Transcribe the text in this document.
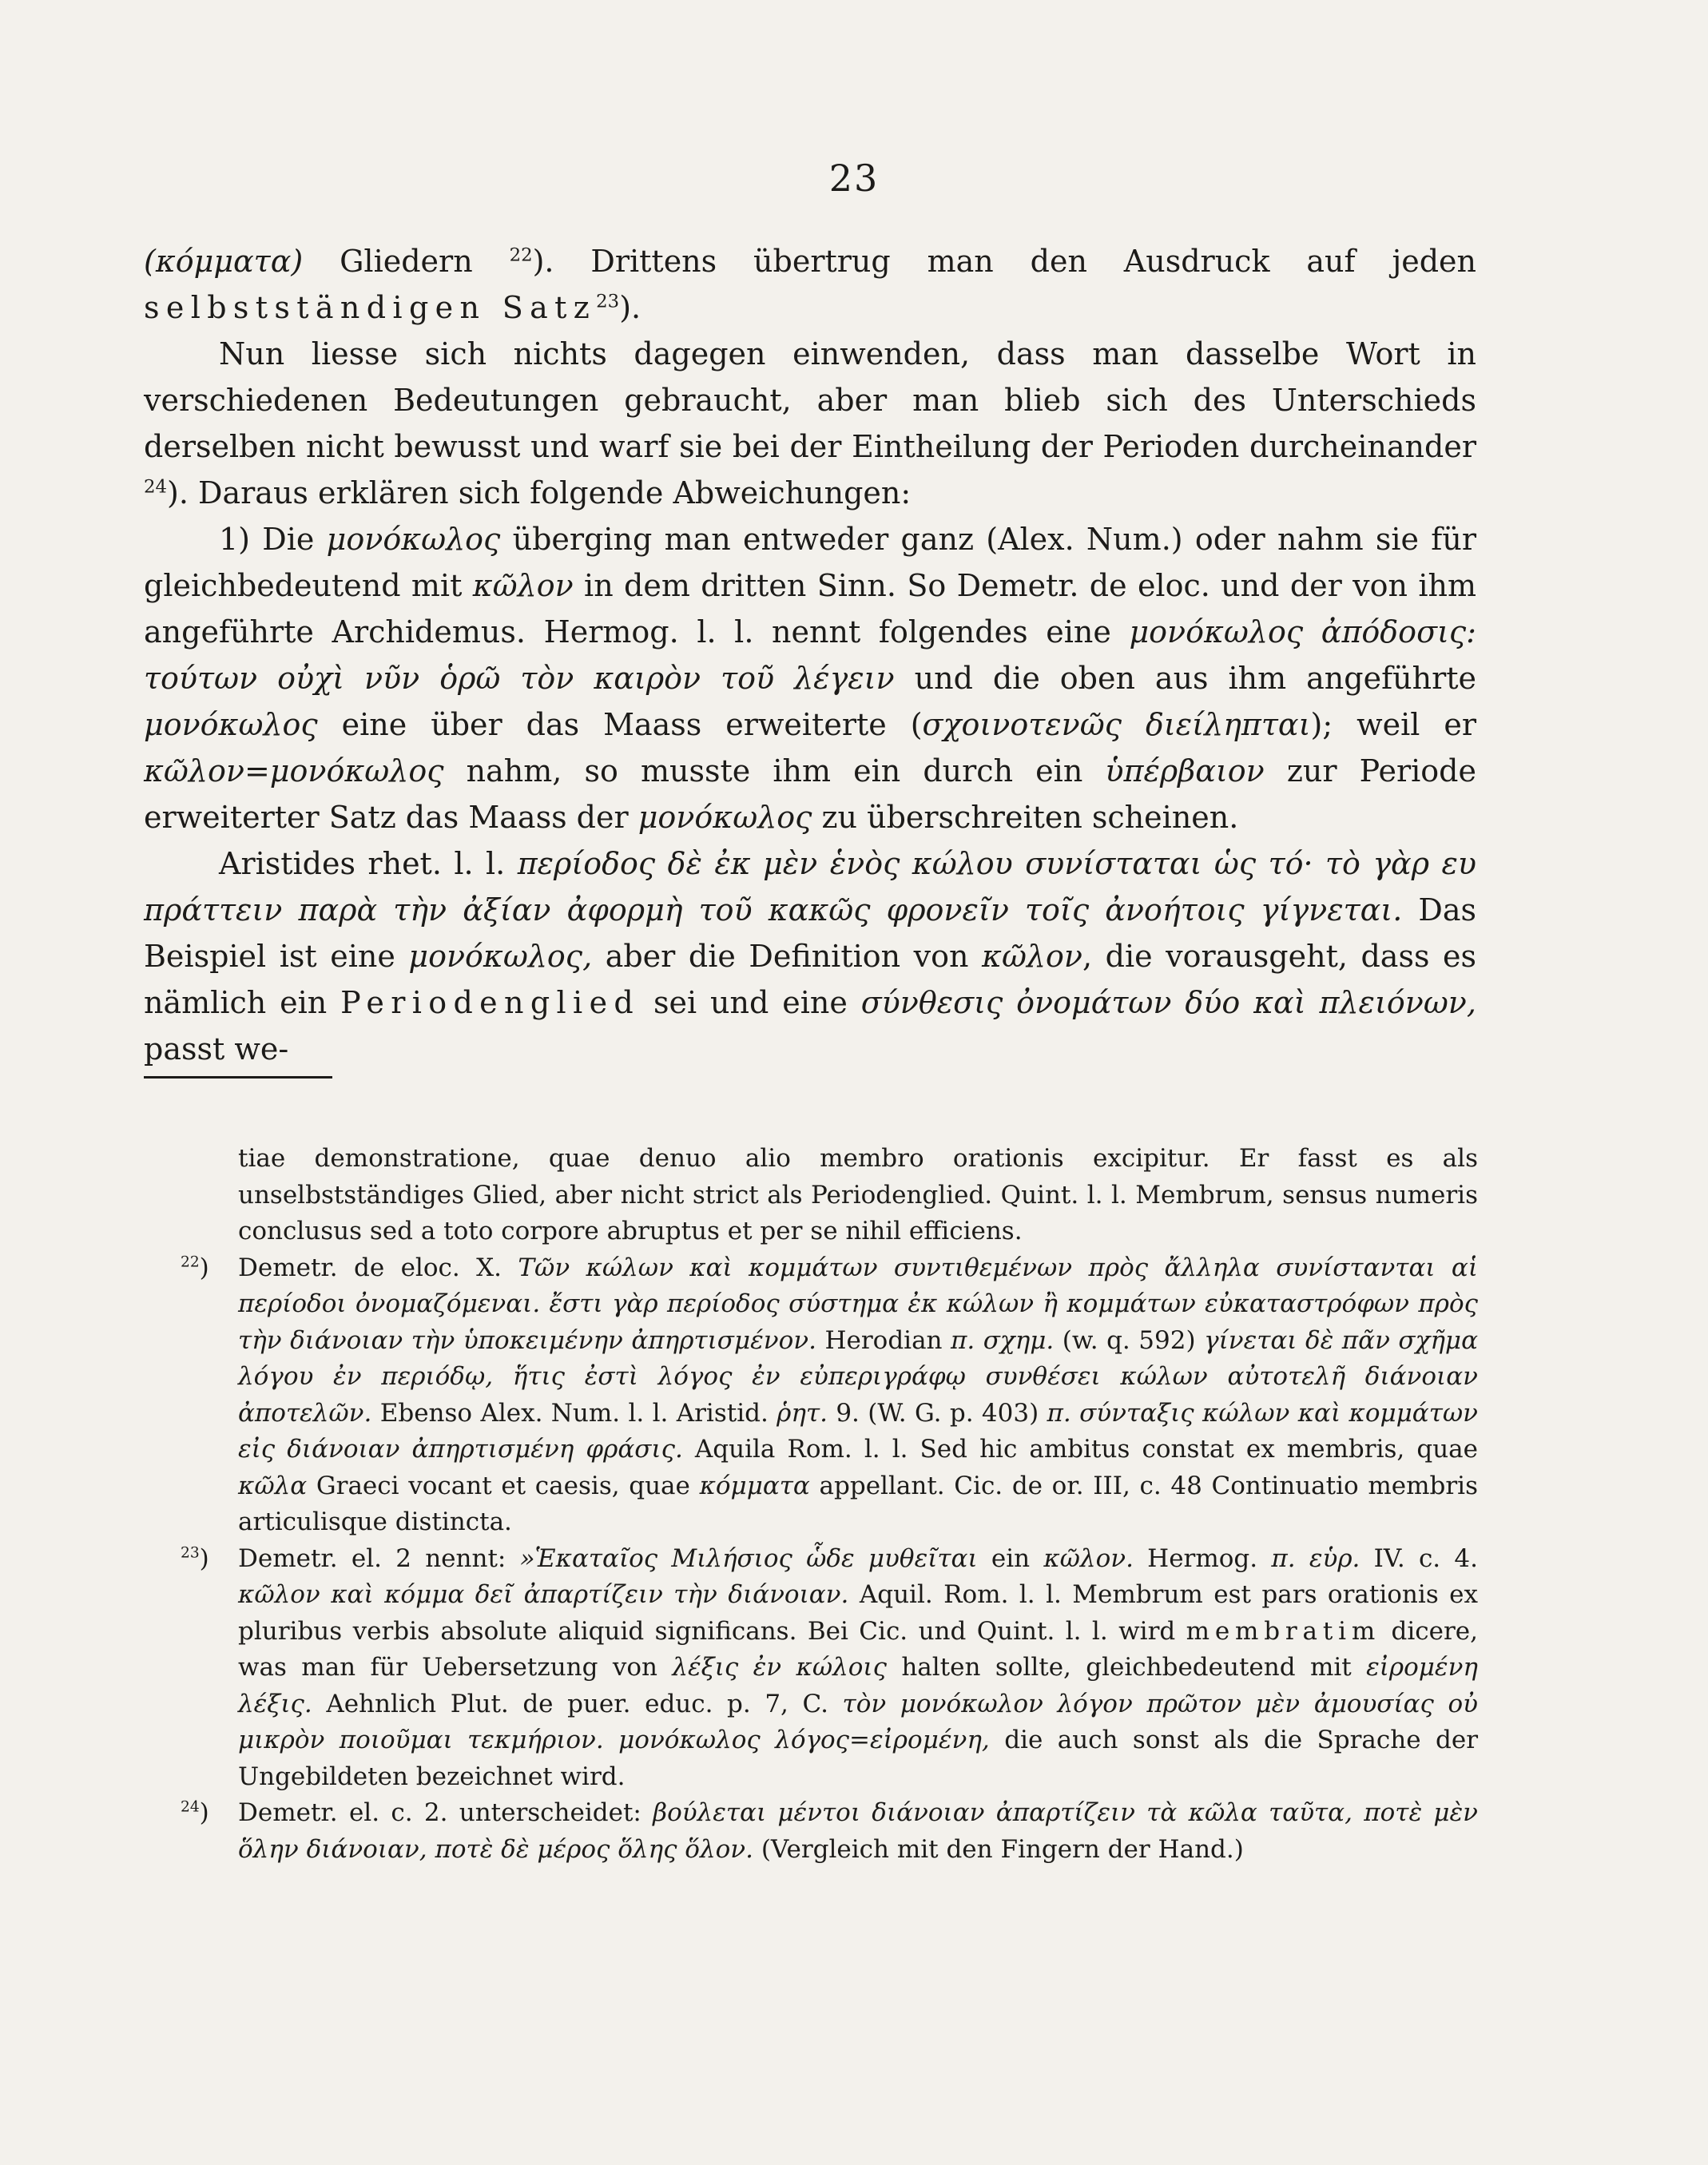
23

(κόμματα) Gliedern $^{22}$). Drittens übertrug man den Ausdruck auf jeden selbstständigen Satz$^{23}$).

Nun liesse sich nichts dagegen einwenden, dass man dasselbe Wort in verschiedenen Bedeutungen gebraucht, aber man blieb sich des Unterschieds derselben nicht bewusst und warf sie bei der Eintheilung der Perioden durcheinander $^{24}$). Daraus erklären sich folgende Abweichungen:

1) Die μονόκωλος überging man entweder ganz (Alex. Num.) oder nahm sie für gleichbedeutend mit κῶλον in dem dritten Sinn. So Demetr. de eloc. und der von ihm angeführte Archidemus. Hermog. l. l. nennt folgendes eine μονόκωλος ἀπόδοσις: τούτων οὐχὶ νῦν ὁρῶ τὸν καιρὸν τοῦ λέγειν und die oben aus ihm angeführte μονόκωλος eine über das Maass erweiterte (σχοινοτενῶς διείληπται); weil er κῶλον=μονόκωλος nahm, so musste ihm ein durch ein ὑπέρβαιον zur Periode erweiterter Satz das Maass der μονόκωλος zu überschreiten scheinen.

Aristides rhet. l. l. περίοδος δὲ ἐκ μὲν ἑνὸς κώλου συνίσταται ὡς τό· τὸ γὰρ ευ πράττειν παρὰ τὴν ἀξίαν ἀφορμὴ τοῦ κακῶς φρονεῖν τοῖς ἀνοήτοις γίγνεται. Das Beispiel ist eine μονόκωλος, aber die Definition von κῶλον, die vorausgeht, dass es nämlich ein Periodenglied sei und eine σύνθεσις ὀνομάτων δύο καὶ πλειόνων, passt we-

tiae demonstratione, quae denuo alio membro orationis excipitur. Er fasst es als unselbstständiges Glied, aber nicht strict als Periodenglied. Quint. l. l. Membrum, sensus numeris conclusus sed a toto corpore abruptus et per se nihil efficiens.

$^{22}$) Demetr. de eloc. X. Τῶν κώλων καὶ κομμάτων συντιθεμένων πρὸς ἄλληλα συνίστανται αἱ περίοδοι ὀνομαζόμεναι. ἔστι γὰρ περίοδος σύστημα ἐκ κώλων ἢ κομμάτων εὐκαταστρόφων πρὸς τὴν διάνοιαν τὴν ὑποκειμένην ἀπηρτισμένον. Herodian π. σχημ. (w. q. 592) γίνεται δὲ πᾶν σχῆμα λόγου ἐν περιόδῳ, ἥτις ἐστὶ λόγος ἐν εὐπεριγράφῳ συνθέσει κώλων αὐτοτελῆ διάνοιαν ἀποτελῶν. Ebenso Alex. Num. l. l. Aristid. ῥητ. 9. (W. G. p. 403) π. σύνταξις κώλων καὶ κομμάτων εἰς διάνοιαν ἀπηρτισμένη φράσις. Aquila Rom. l. l. Sed hic ambitus constat ex membris, quae κῶλα Graeci vocant et caesis, quae κόμματα appellant. Cic. de or. III, c. 48 Continuatio membris articulisque distincta.

$^{23}$) Demetr. el. 2 nennt: »Ἑκαταῖος Μιλήσιος ὧδε μυθεῖται ein κῶλον. Hermog. π. εὑρ. IV. c. 4. κῶλον καὶ κόμμα δεῖ ἀπαρτίζειν τὴν διάνοιαν. Aquil. Rom. l. l. Membrum est pars orationis ex pluribus verbis absolute aliquid significans. Bei Cic. und Quint. l. l. wird membratim dicere, was man für Uebersetzung von λέξις ἐν κώλοις halten sollte, gleichbedeutend mit εἰρομένη λέξις. Aehnlich Plut. de puer. educ. p. 7, C. τὸν μονόκωλον λόγον πρῶτον μὲν ἀμουσίας οὐ μικρὸν ποιοῦμαι τεκμήριον. μονόκωλος λόγος=εἰρομένη, die auch sonst als die Sprache der Ungebildeten bezeichnet wird.

$^{24}$) Demetr. el. c. 2. unterscheidet: βούλεται μέντοι διάνοιαν ἀπαρτίζειν τὰ κῶλα ταῦτα, ποτὲ μὲν ὅλην διάνοιαν, ποτὲ δὲ μέρος ὅλης ὅλον. (Vergleich mit den Fingern der Hand.)
